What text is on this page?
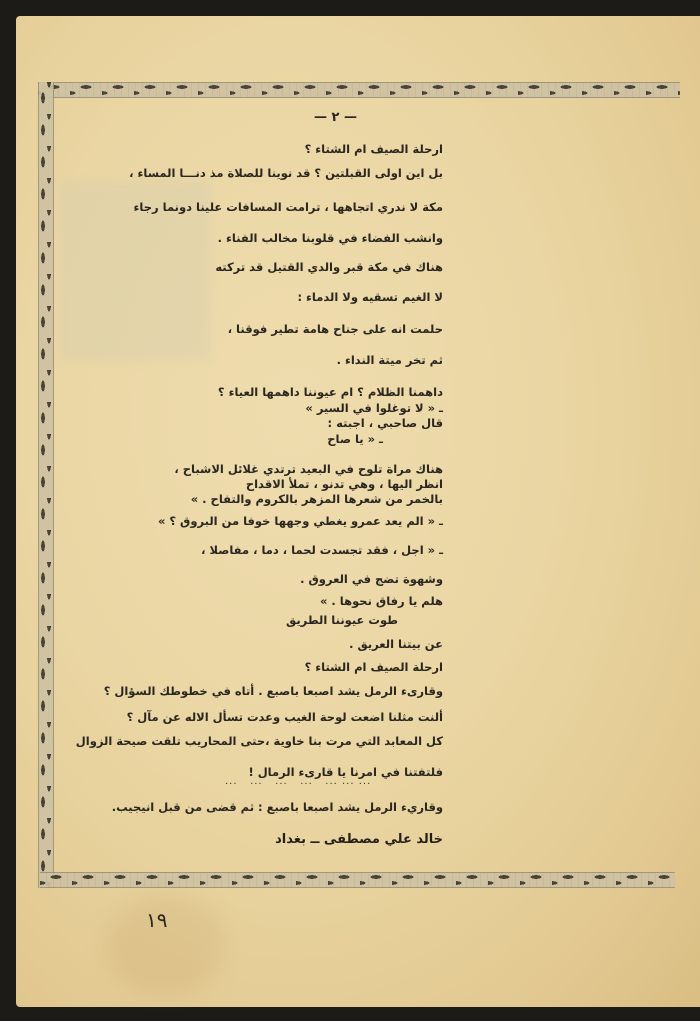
— ٢ —
ارحلة الصيف ام الشتاء ؟
بل اين اولى القبلتين ؟ قد نوينا للصلاة مذ دنـــا المساء ،
مكة لا ندري اتجاهها ، ترامت المسافات علينا دونما رجاء
وانشب الفضاء في قلوبنا مخالب الفناء .
هناك في مكة قبر والدي القتيل قد تركته
لا الغيم تسقيه ولا الدماء :
حلمت انه على جناح هامة تطير فوقنا ،
ثم تخر ميتة النداء .
داهمنا الظلام ؟ ام عيوننا داهمها العياء ؟
ـ « لا توغلوا في السير »
قال صاحبي ، اجبته :
ـ « يا صاح
هناك مراة تلوح في البعيد ترتدي غلائل الاشباح ،
انظر اليها ، وهي تدنو ، تملأ الاقداح
بالخمر من شعرها المزهر بالكروم والتفاح . »
ـ « الم يعد عمرو يغطي وجهها خوفا من البروق ؟ »
ـ « اجل ، فقد تجسدت لحما ، دما ، مفاصلا ،
وشهوة تضج في العروق .
هلم يا رفاق نحوها . »
طوت عيوننا الطريق
عن بيتنا العريق .
ارحلة الصيف ام الشتاء ؟
وقارىء الرمل يشد اصبعا باصبع . أتاه في خطوطك السؤال ؟
ألنت مثلنا اضعت لوحة الغيب وعدت تسأل الاله عن مآل ؟
كل المعابد التي مرت بنا خاوية ،حتى المحاريب تلقت صيحة الزوال
فلتفتنا في امرنا يا قارىء الرمال !
...   ...   ...   ...   ... ... ...
وقاريء الرمل يشد اصبعا باصبع : ثم قضى من قبل انيجيب.
خالد علي مصطفى ــ بغداد
١٩
